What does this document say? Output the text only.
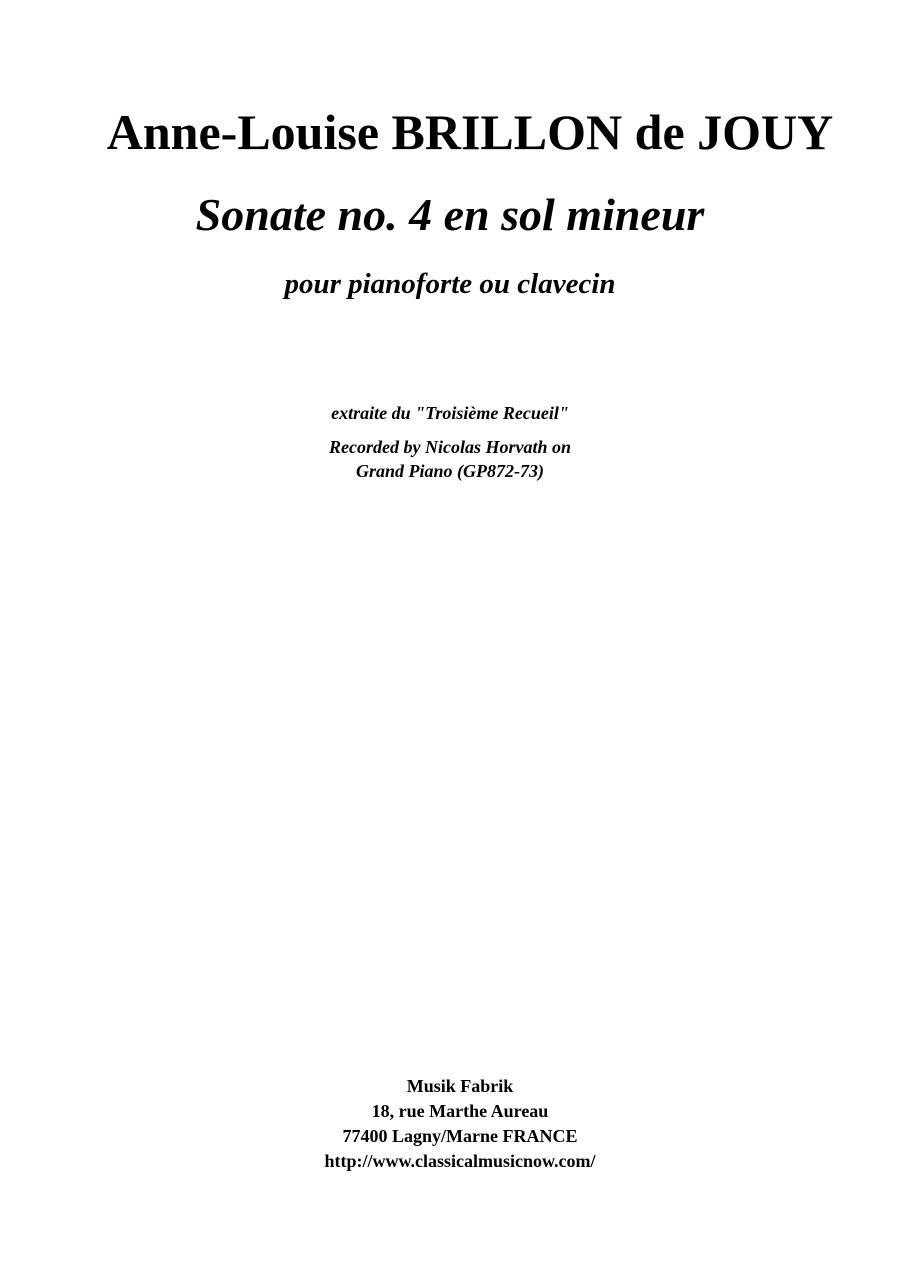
Anne-Louise BRILLON de JOUY
Sonate no. 4 en sol mineur
pour pianoforte ou clavecin

extraite du "Troisième Recueil"

Recorded by Nicolas Horvath on

Grand Piano (GP872-73)

Musik Fabrik

18, rue Marthe Aureau

77400 Lagny/Marne FRANCE

http://www.classicalmusicnow.com/
